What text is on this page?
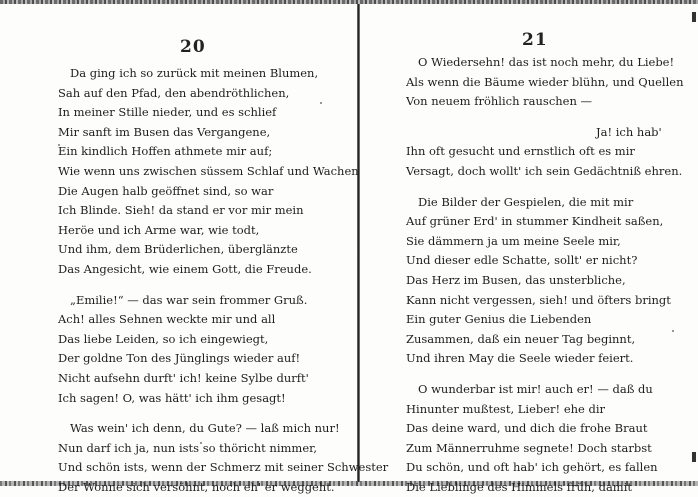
20
Da ging ich so zurück mit meinen Blumen,
Sah auf den Pfad, den abendröthlichen,
In meiner Stille nieder, und es schlief
Mir sanft im Busen das Vergangene,
Ein kindlich Hoffen athmete mir auf;
Wie wenn uns zwischen süssem Schlaf und Wachen
Die Augen halb geöffnet sind, so war
Ich Blinde. Sieh! da stand er vor mir mein
Heröe und ich Arme war, wie todt,
Und ihm, dem Brüderlichen, überglänzte
Das Angesicht, wie einem Gott, die Freude.
„Emilie!“ — das war sein frommer Gruß.
Ach! alles Sehnen weckte mir und all
Das liebe Leiden, so ich eingewiegt,
Der goldne Ton des Jünglings wieder auf!
Nicht aufsehn durft' ich! keine Sylbe durft'
Ich sagen! O, was hätt' ich ihm gesagt!
Was wein' ich denn, du Gute? — laß mich nur!
Nun darf ich ja, nun ists so thöricht nimmer,
Und schön ists, wenn der Schmerz mit seiner Schwester
Der Wonne sich versöhnt, noch eh' er weggeht.
21
O Wiedersehn! das ist noch mehr, du Liebe!
Als wenn die Bäume wieder blühn, und Quellen
Von neuem fröhlich rauschen —
Ja! ich hab'
Ihn oft gesucht und ernstlich oft es mir
Versagt, doch wollt' ich sein Gedächtniß ehren.
Die Bilder der Gespielen, die mit mir
Auf grüner Erd' in stummer Kindheit saßen,
Sie dämmern ja um meine Seele mir,
Und dieser edle Schatte, sollt' er nicht?
Das Herz im Busen, das unsterbliche,
Kann nicht vergessen, sieh! und öfters bringt
Ein guter Genius die Liebenden
Zusammen, daß ein neuer Tag beginnt,
Und ihren May die Seele wieder feiert.
O wunderbar ist mir! auch er! — daß du
Hinunter mußtest, Lieber! ehe dir
Das deine ward, und dich die frohe Braut
Zum Männerruhme segnete! Doch starbst
Du schön, und oft hab' ich gehört, es fallen
Die Lieblinge des Himmels früh, damit
